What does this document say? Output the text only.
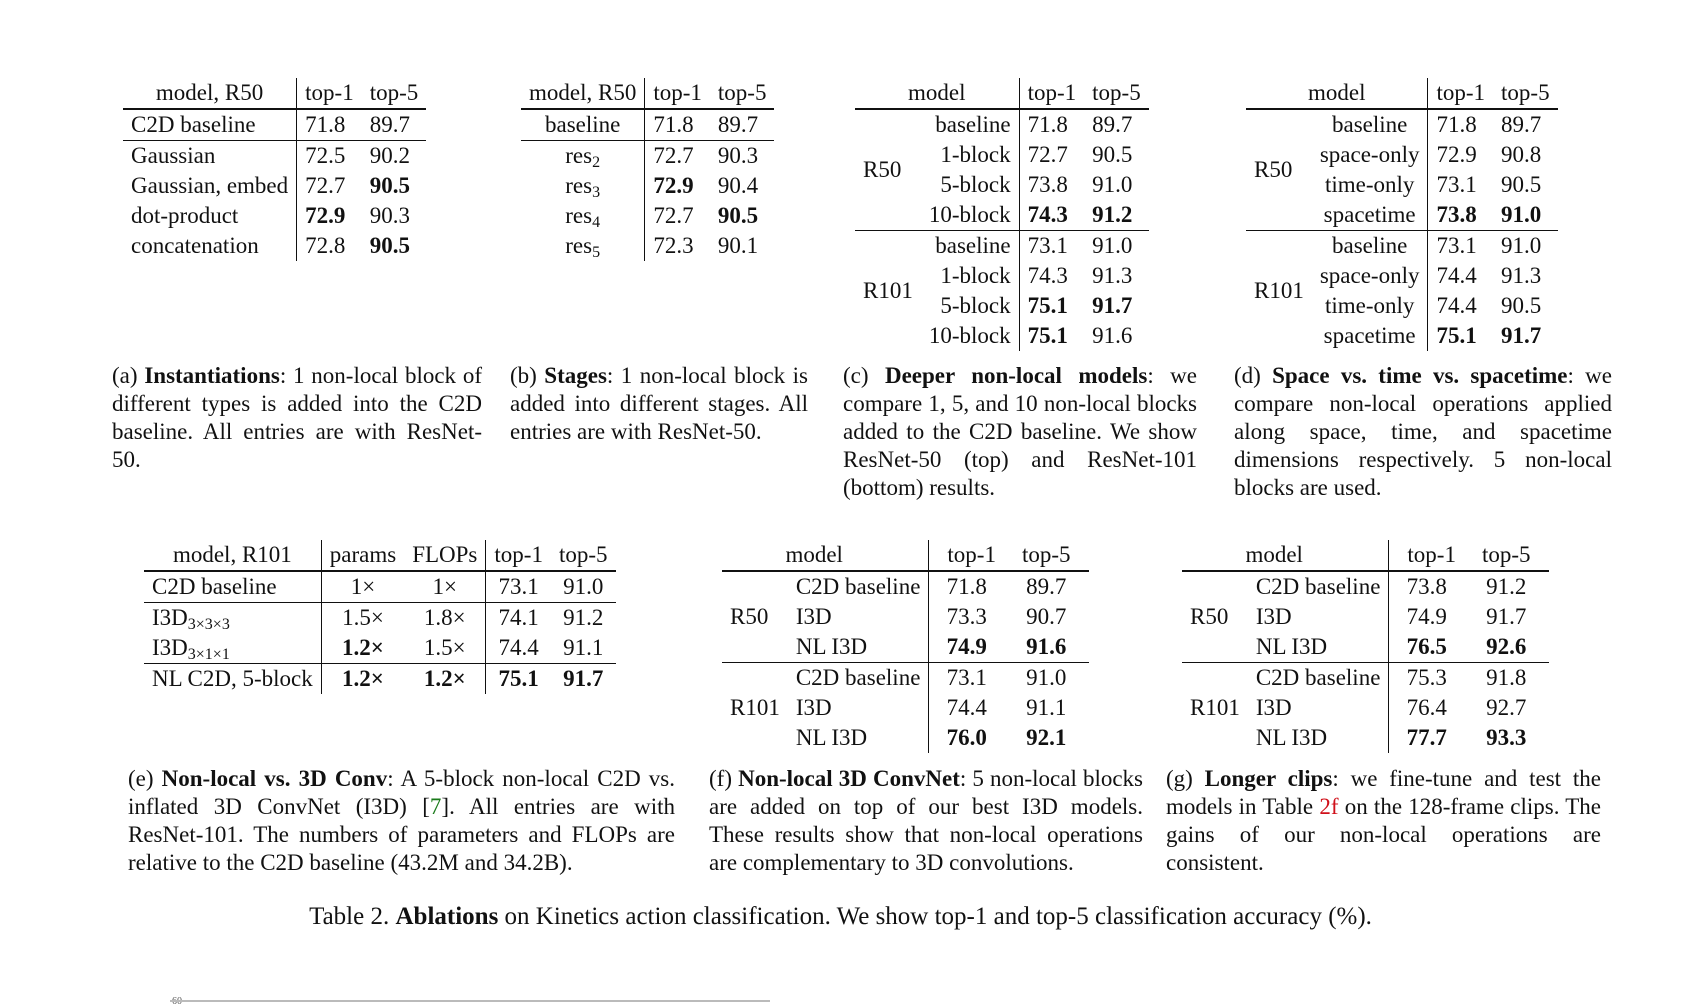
model, R50	top-1	top-5
C2D baseline	71.8	89.7
Gaussian	72.5	90.2
Gaussian, embed	72.7	90.5
dot-product	72.9	90.3
concatenation	72.8	90.5
(a) Instantiations: 1 non-local block of different types is added into the C2D baseline. All entries are with ResNet-50.
model, R50	top-1	top-5
baseline	71.8	89.7
res$_2$	72.7	90.3
res$_3$	72.9	90.4
res$_4$	72.7	90.5
res$_5$	72.3	90.1
(b) Stages: 1 non-local block is added into different stages. All entries are with ResNet-50.
model		top-1	top-5
R50	baseline	71.8	89.7
	1-block	72.7	90.5
	5-block	73.8	91.0
	10-block	74.3	91.2
R101	baseline	73.1	91.0
	1-block	74.3	91.3
	5-block	75.1	91.7
	10-block	75.1	91.6
(c) Deeper non-local models: we compare 1, 5, and 10 non-local blocks added to the C2D baseline. We show ResNet-50 (top) and ResNet-101 (bottom) results.
model		top-1	top-5
R50	baseline	71.8	89.7
	space-only	72.9	90.8
	time-only	73.1	90.5
	spacetime	73.8	91.0
R101	baseline	73.1	91.0
	space-only	74.4	91.3
	time-only	74.4	90.5
	spacetime	75.1	91.7
(d) Space vs. time vs. spacetime: we compare non-local operations applied along space, time, and spacetime dimensions respectively. 5 non-local blocks are used.
model, R101	params	FLOPs	top-1	top-5
C2D baseline	1×	1×	73.1	91.0
$I3D_{3\times 3\times 3}$	1.5×	1.8×	74.1	91.2
$I3D_{3\times 1\times 1}$	1.2×	1.5×	74.4	91.1
NL C2D, 5-block	1.2×	1.2×	75.1	91.7
(e) Non-local vs. 3D Conv: A 5-block non-local C2D vs. inflated 3D ConvNet (I3D) [7]. All entries are with ResNet-101. The numbers of parameters and FLOPs are relative to the C2D baseline (43.2M and 34.2B).
model		top-1	top-5
R50	C2D baseline	71.8	89.7
	I3D	73.3	90.7
	NL I3D	74.9	91.6
R101	C2D baseline	73.1	91.0
	I3D	74.4	91.1
	NL I3D	76.0	92.1
(f) Non-local 3D ConvNet: 5 non-local blocks are added on top of our best I3D models. These results show that non-local operations are complementary to 3D convolutions.
model		top-1	top-5
R50	C2D baseline	73.8	91.2
	I3D	74.9	91.7
	NL I3D	76.5	92.6
R101	C2D baseline	75.3	91.8
	I3D	76.4	92.7
	NL I3D	77.7	93.3
(g) Longer clips: we fine-tune and test the models in Table 2f on the 128-frame clips. The gains of our non-local operations are consistent.
Table 2. Ablations on Kinetics action classification. We show top-1 and top-5 classification accuracy (%).
